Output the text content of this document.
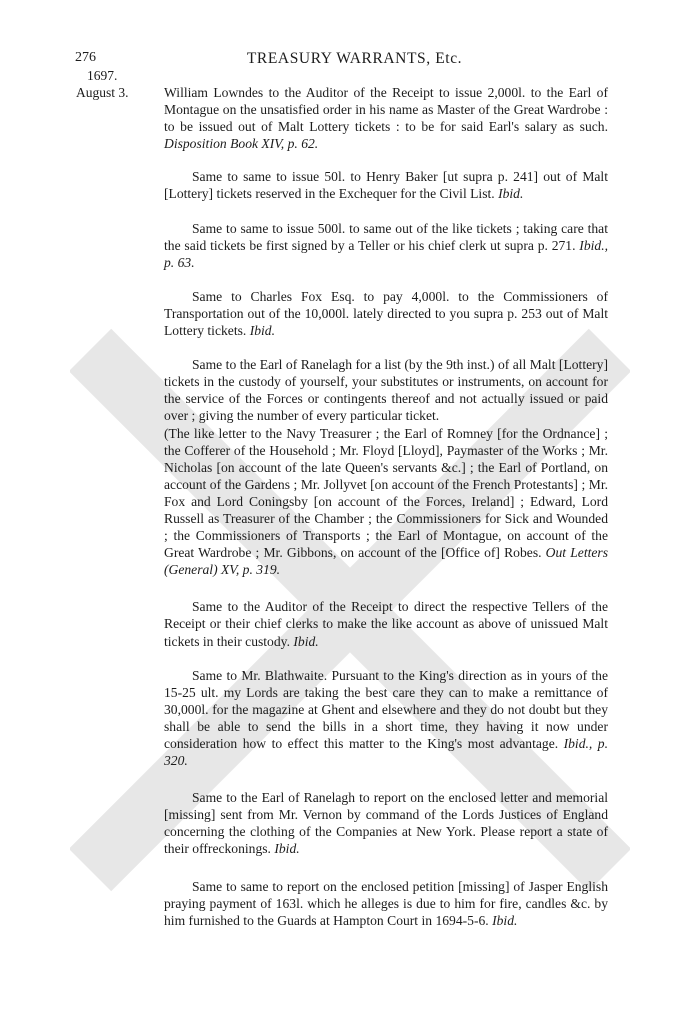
276	TREASURY WARRANTS, Etc.
1697.
August 3.	William Lowndes to the Auditor of the Receipt to issue 2,000l. to the Earl of Montague on the unsatisfied order in his name as Master of the Great Wardrobe : to be issued out of Malt Lottery tickets : to be for said Earl's salary as such. Disposition Book XIV, p. 62.

Same to same to issue 50l. to Henry Baker [ut supra p. 241] out of Malt [Lottery] tickets reserved in the Exchequer for the Civil List. Ibid.

Same to same to issue 500l. to same out of the like tickets ; taking care that the said tickets be first signed by a Teller or his chief clerk ut supra p. 271. Ibid., p. 63.

Same to Charles Fox Esq. to pay 4,000l. to the Commissioners of Transportation out of the 10,000l. lately directed to you supra p. 253 out of Malt Lottery tickets. Ibid.

Same to the Earl of Ranelagh for a list (by the 9th inst.) of all Malt [Lottery] tickets in the custody of yourself, your substitutes or instruments, on account for the service of the Forces or contingents thereof and not actually issued or paid over ; giving the number of every particular ticket.

(The like letter to the Navy Treasurer ; the Earl of Romney [for the Ordnance] ; the Cofferer of the Household ; Mr. Floyd [Lloyd], Paymaster of the Works ; Mr. Nicholas [on account of the late Queen's servants &c.] ; the Earl of Portland, on account of the Gardens ; Mr. Jollyvet [on account of the French Protestants] ; Mr. Fox and Lord Coningsby [on account of the Forces, Ireland] ; Edward, Lord Russell as Treasurer of the Chamber ; the Commissioners for Sick and Wounded ; the Commissioners of Transports ; the Earl of Montague, on account of the Great Wardrobe ; Mr. Gibbons, on account of the [Office of] Robes. Out Letters (General) XV, p. 319.

Same to the Auditor of the Receipt to direct the respective Tellers of the Receipt or their chief clerks to make the like account as above of unissued Malt tickets in their custody. Ibid.

Same to Mr. Blathwaite. Pursuant to the King's direction as in yours of the 15-25 ult. my Lords are taking the best care they can to make a remittance of 30,000l. for the magazine at Ghent and elsewhere and they do not doubt but they shall be able to send the bills in a short time, they having it now under consideration how to effect this matter to the King's most advantage. Ibid., p. 320.

Same to the Earl of Ranelagh to report on the enclosed letter and memorial [missing] sent from Mr. Vernon by command of the Lords Justices of England concerning the clothing of the Companies at New York. Please report a state of their offreckonings. Ibid.

Same to same to report on the enclosed petition [missing] of Jasper English praying payment of 163l. which he alleges is due to him for fire, candles &c. by him furnished to the Guards at Hampton Court in 1694-5-6. Ibid.
